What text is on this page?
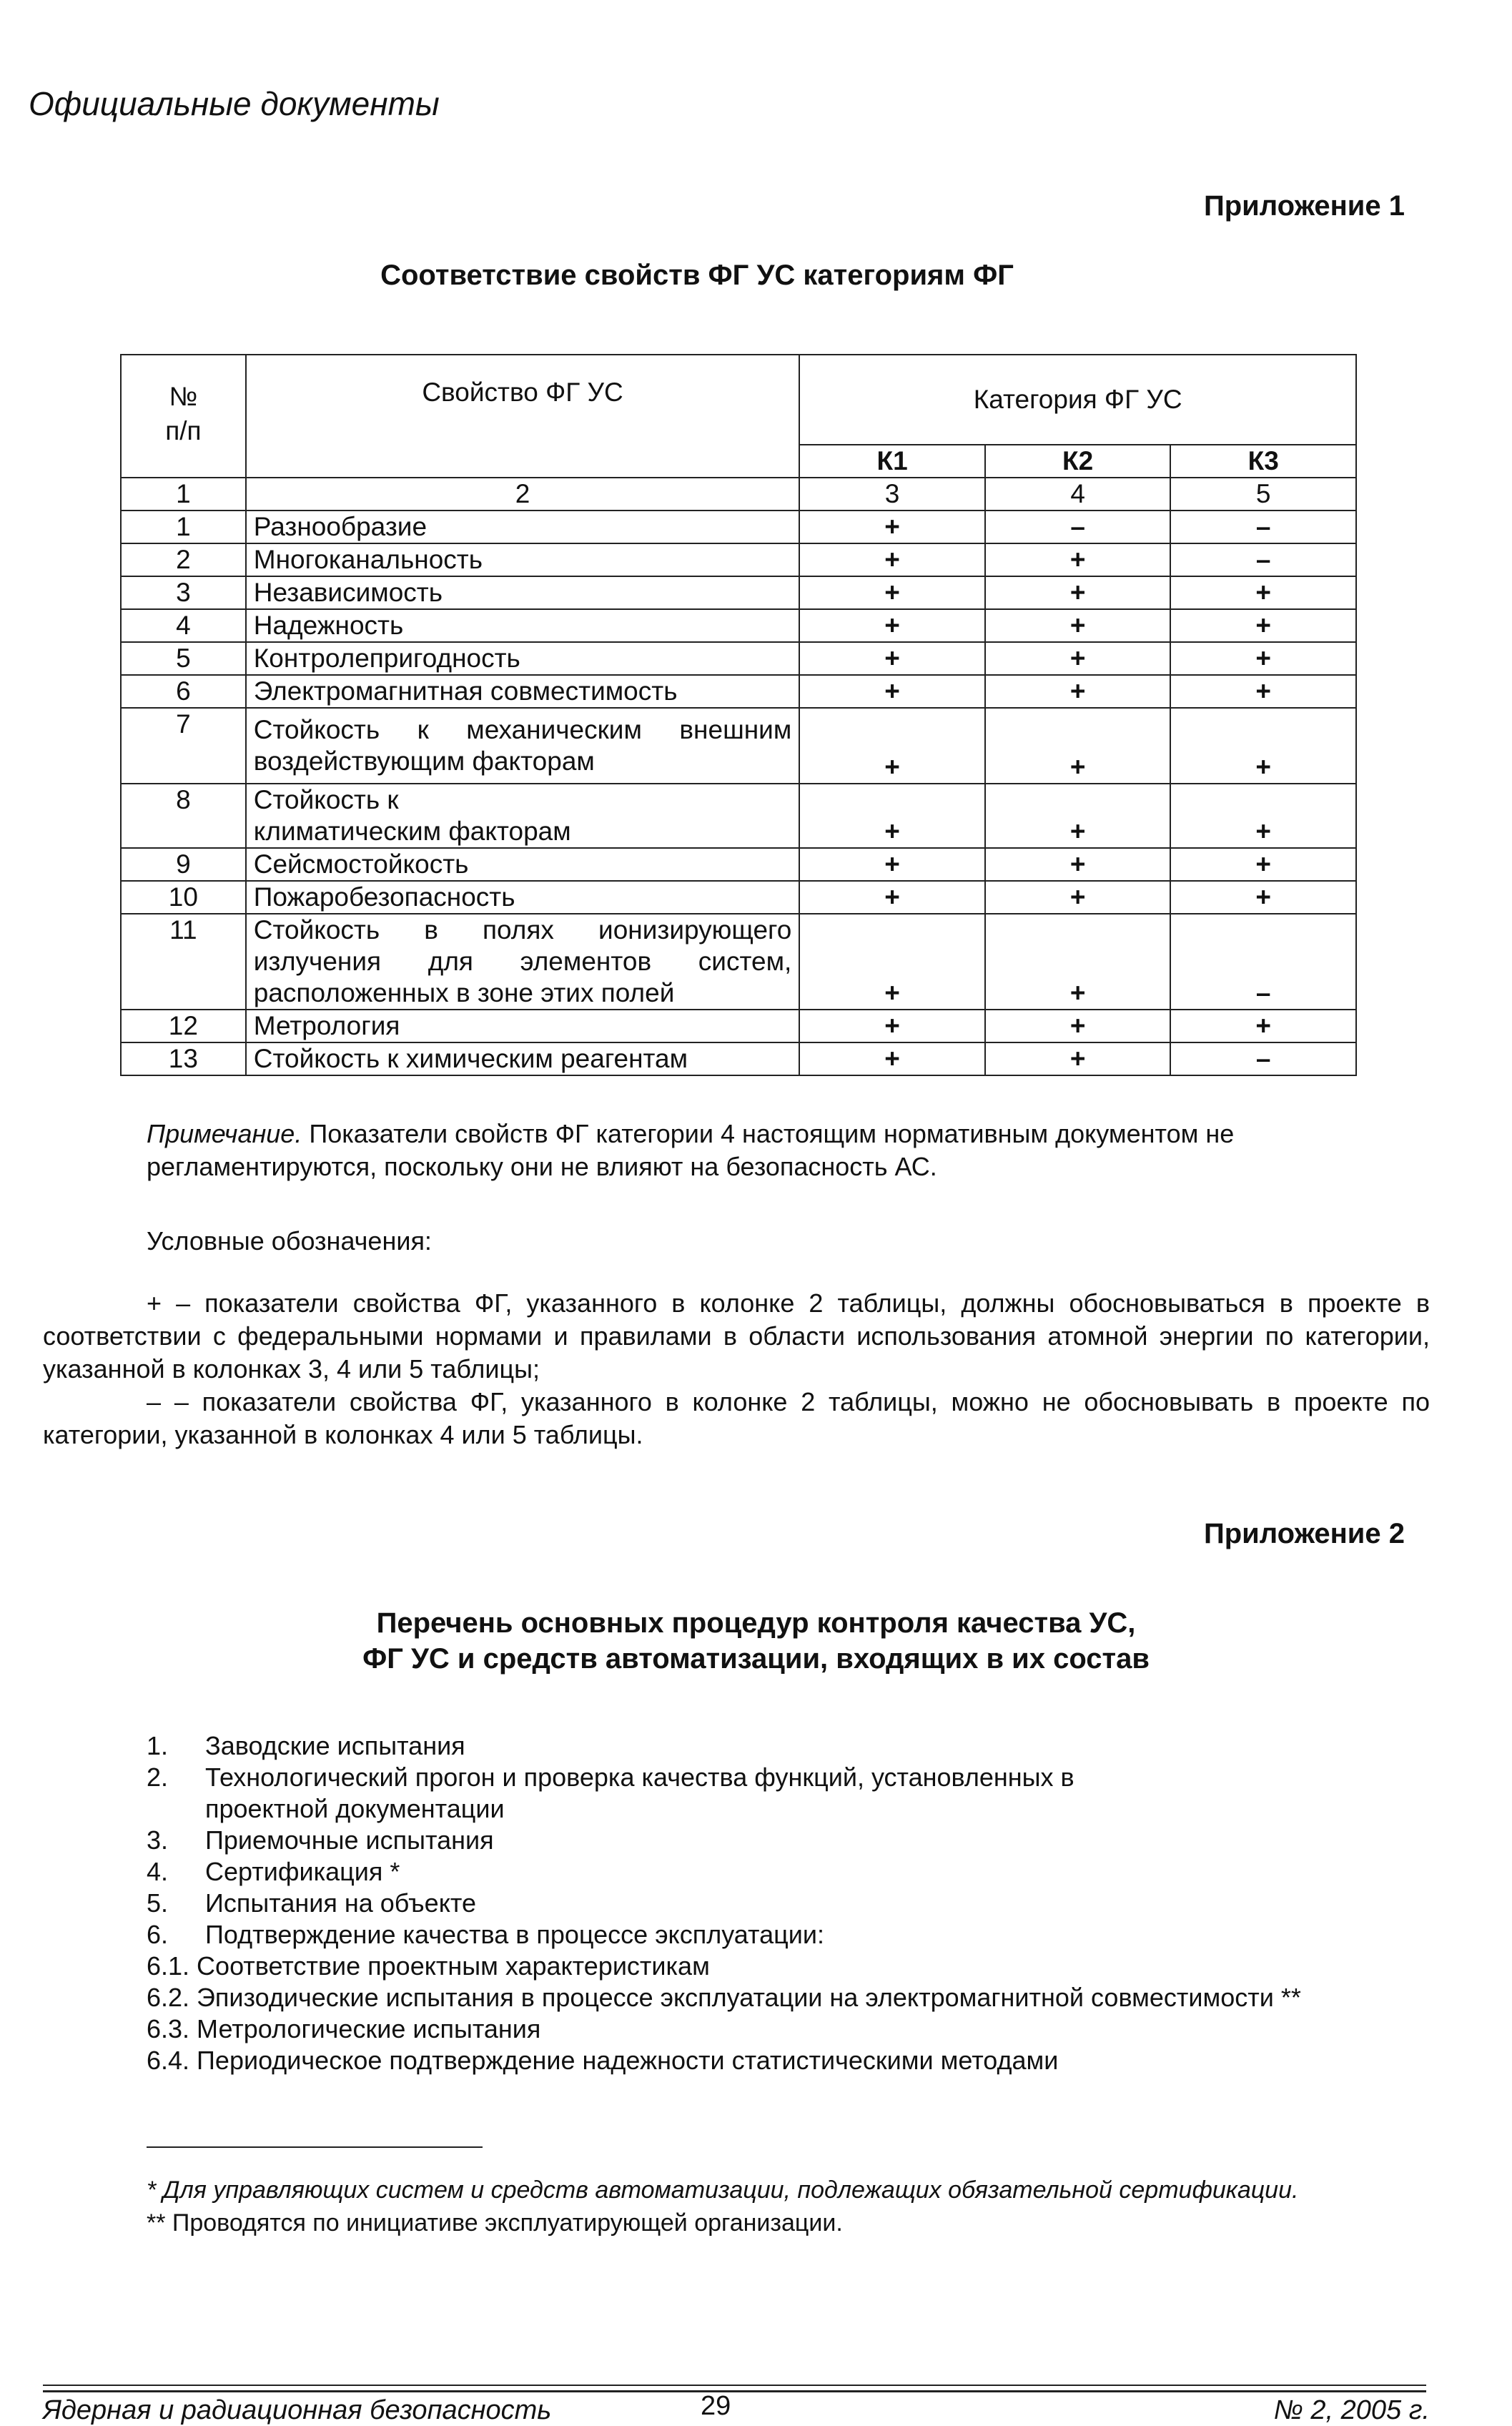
Официальные документы
Приложение 1
Соответствие свойств ФГ УС категориям ФГ
№
п/п	Свойство ФГ УС	Категория ФГ УС		
		К1	К2	К3
1	2	3	4	5
1	Разнообразие	+	–	–
2	Многоканальность	+	+	–
3	Независимость	+	+	+
4	Надежность	+	+	+
5	Контролепригодность	+	+	+
6	Электромагнитная совместимость	+	+	+
7	Стойкость к механическим внешним воздействующим факторам	+	+	+
8	Стойкость к климатическим факторам	+	+	+
9	Сейсмостойкость	+	+	+
10	Пожаробезопасность	+	+	+
11	Стойкость в полях ионизирующего излучения для элементов систем, расположенных в зоне этих полей	+	+	–
12	Метрология	+	+	+
13	Стойкость к химическим реагентам	+	+	–
Примечание. Показатели свойств ФГ категории 4 настоящим нормативным документом не регламентируются, поскольку они не влияют на безопасность АС.
Условные обозначения:
+ – показатели свойства ФГ, указанного в колонке 2 таблицы, должны обосновываться в проекте в соответствии с федеральными нормами и правилами в области использования атомной энергии по категории, указанной в колонках 3, 4 или 5 таблицы;
– – показатели свойства ФГ, указанного в колонке 2 таблицы, можно не обосновывать в проекте по категории, указанной в колонках 4 или 5 таблицы.
Приложение 2
Перечень основных процедур контроля качества УС,
ФГ УС и средств автоматизации, входящих в их состав
1.	Заводские испытания
2.	Технологический прогон и проверка качества функций, установленных в проектной документации
3.	Приемочные испытания
4.	Сертификация *
5.	Испытания на объекте
6.	Подтверждение качества в процессе эксплуатации:
6.1. Соответствие проектным характеристикам
6.2. Эпизодические испытания в процессе эксплуатации на электромагнитной совместимости **
6.3. Метрологические испытания
6.4. Периодическое подтверждение надежности статистическими методами
* Для управляющих систем и средств автоматизации, подлежащих обязательной сертификации.
** Проводятся по инициативе эксплуатирующей организации.
Ядерная и радиационная безопасность	29	№ 2, 2005 г.
